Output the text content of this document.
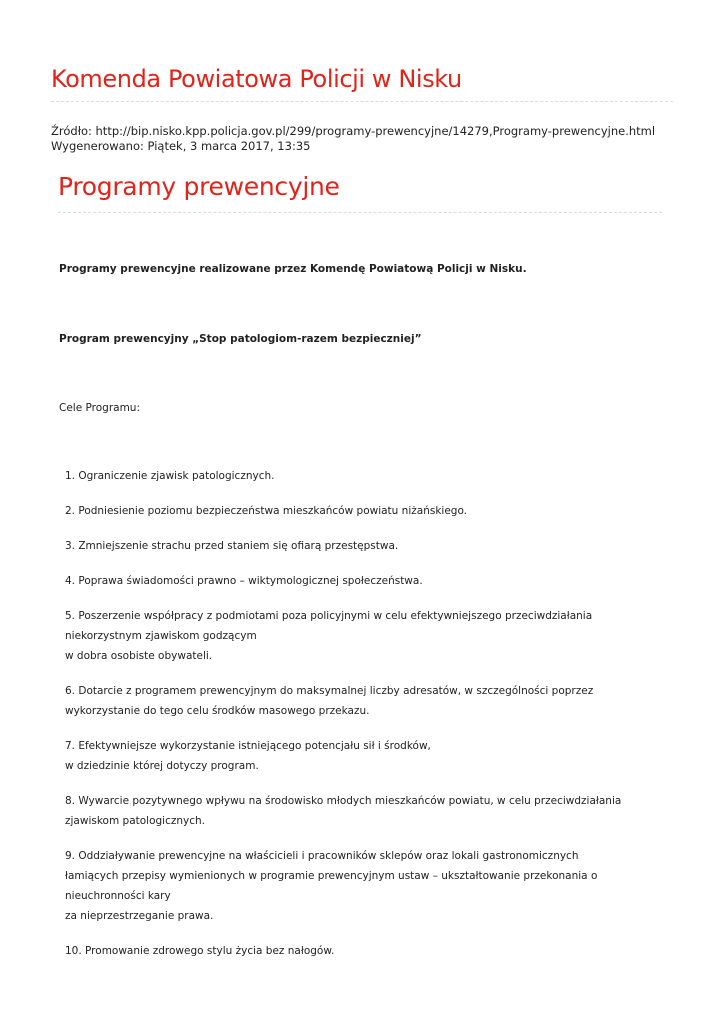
Komenda Powiatowa Policji w Nisku
Źródło: http://bip.nisko.kpp.policja.gov.pl/299/programy-prewencyjne/14279,Programy-prewencyjne.html
Wygenerowano: Piątek, 3 marca 2017, 13:35
Programy prewencyjne

Programy prewencyjne realizowane przez Komendę Powiatową Policji w Nisku.

Program prewencyjny „Stop patologiom-razem bezpieczniej”

Cele Programu:

1. Ograniczenie zjawisk patologicznych.
2. Podniesienie poziomu bezpieczeństwa mieszkańców powiatu niżańskiego.
3. Zmniejszenie strachu przed staniem się ofiarą przestępstwa.
4. Poprawa świadomości prawno – wiktymologicznej społeczeństwa.
5. Poszerzenie współpracy z podmiotami poza policyjnymi w celu efektywniejszego przeciwdziałania
niekorzystnym zjawiskom godzącym
w dobra osobiste obywateli.
6. Dotarcie z programem prewencyjnym do maksymalnej liczby adresatów, w szczególności poprzez
wykorzystanie do tego celu środków masowego przekazu.
7. Efektywniejsze wykorzystanie istniejącego potencjału sił i środków,
w dziedzinie której dotyczy program.
8. Wywarcie pozytywnego wpływu na środowisko młodych mieszkańców powiatu, w celu przeciwdziałania
zjawiskom patologicznych.
9. Oddziaływanie prewencyjne na właścicieli i pracowników sklepów oraz lokali gastronomicznych
łamiących przepisy wymienionych w programie prewencyjnym ustaw – ukształtowanie przekonania o
nieuchronności kary
za nieprzestrzeganie prawa.
10. Promowanie zdrowego stylu życia bez nałogów.
